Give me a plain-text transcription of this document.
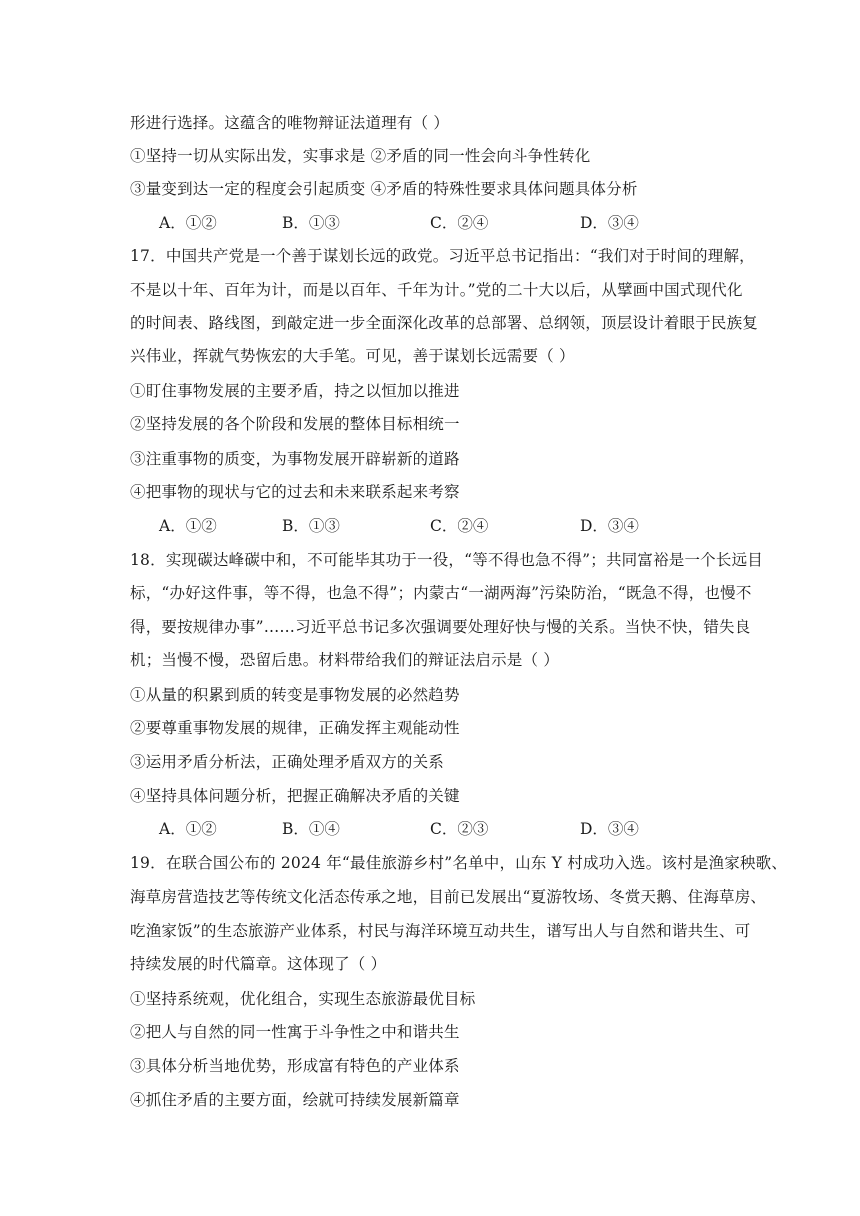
形进行选择。这蕴含的唯物辩证法道理有（ ）
①坚持一切从实际出发，实事求是 ②矛盾的同一性会向斗争性转化
③量变到达一定的程度会引起质变 ④矛盾的特殊性要求具体问题具体分析
A．①②	B．①③	C．②④	D．③④
17．中国共产党是一个善于谋划长远的政党。习近平总书记指出：“我们对于时间的理解，
不是以十年、百年为计，而是以百年、千年为计。”党的二十大以后，从擘画中国式现代化
的时间表、路线图，到敲定进一步全面深化改革的总部署、总纲领，顶层设计着眼于民族复
兴伟业，挥就气势恢宏的大手笔。可见，善于谋划长远需要（ ）
①盯住事物发展的主要矛盾，持之以恒加以推进
②坚持发展的各个阶段和发展的整体目标相统一
③注重事物的质变，为事物发展开辟崭新的道路
④把事物的现状与它的过去和未来联系起来考察
A．①②	B．①③	C．②④	D．③④
18．实现碳达峰碳中和，不可能毕其功于一役，“等不得也急不得”；共同富裕是一个长远目
标，“办好这件事，等不得，也急不得”；内蒙古“一湖两海”污染防治，“既急不得，也慢不
得，要按规律办事”……习近平总书记多次强调要处理好快与慢的关系。当快不快，错失良
机；当慢不慢，恐留后患。材料带给我们的辩证法启示是（ ）
①从量的积累到质的转变是事物发展的必然趋势
②要尊重事物发展的规律，正确发挥主观能动性
③运用矛盾分析法，正确处理矛盾双方的关系
④坚持具体问题分析，把握正确解决矛盾的关键
A．①②	B．①④	C．②③	D．③④
19．在联合国公布的 2024 年“最佳旅游乡村”名单中，山东 Y 村成功入选。该村是渔家秧歌、
海草房营造技艺等传统文化活态传承之地，目前已发展出“夏游牧场、冬赏天鹅、住海草房、
吃渔家饭”的生态旅游产业体系，村民与海洋环境互动共生，谱写出人与自然和谐共生、可
持续发展的时代篇章。这体现了（ ）
①坚持系统观，优化组合，实现生态旅游最优目标
②把人与自然的同一性寓于斗争性之中和谐共生
③具体分析当地优势，形成富有特色的产业体系
④抓住矛盾的主要方面，绘就可持续发展新篇章
